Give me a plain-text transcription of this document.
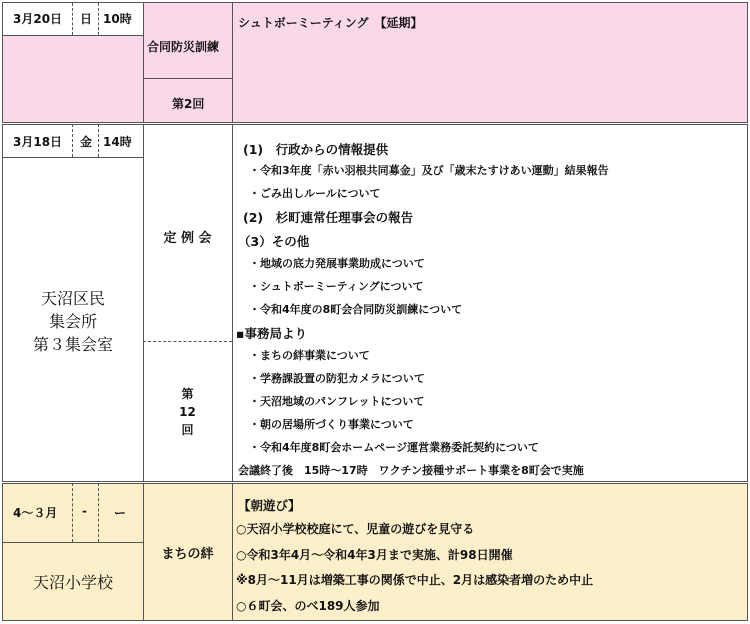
3月20日 日 10時
合同防災訓練
第2回
シュトボーミーティング　【延期】
3月18日 金 14時
天沼区民
集会所
第３集会室
定 例 会
第
12
回
(1)　行政からの情報提供
・令和3年度「赤い羽根共同募金」及び「歳末たすけあい運動」結果報告
・ごみ出しルールについて
(2)　杉町連常任理事会の報告
（3）その他
・地域の底力発展事業助成について
・シュトボーミーティングについて
・令和4年度の8町会合同防災訓練について
▪事務局より
・まちの絆事業について
・学務課設置の防犯カメラについて
・天沼地域のパンフレットについて
・朝の居場所づくり事業について
・令和4年度8町会ホームページ運営業務委託契約について
会議終了後　15時～17時　ワクチン接種サポート事業を8町会で実施
4～３月 - ー
天沼小学校
まちの絆
【朝遊び】
○天沼小学校校庭にて、児童の遊びを見守る
○令和3年4月～令和4年3月まで実施、計98日開催
※8月～11月は増築工事の関係で中止、2月は感染者増のため中止
○６町会、のべ189人参加
